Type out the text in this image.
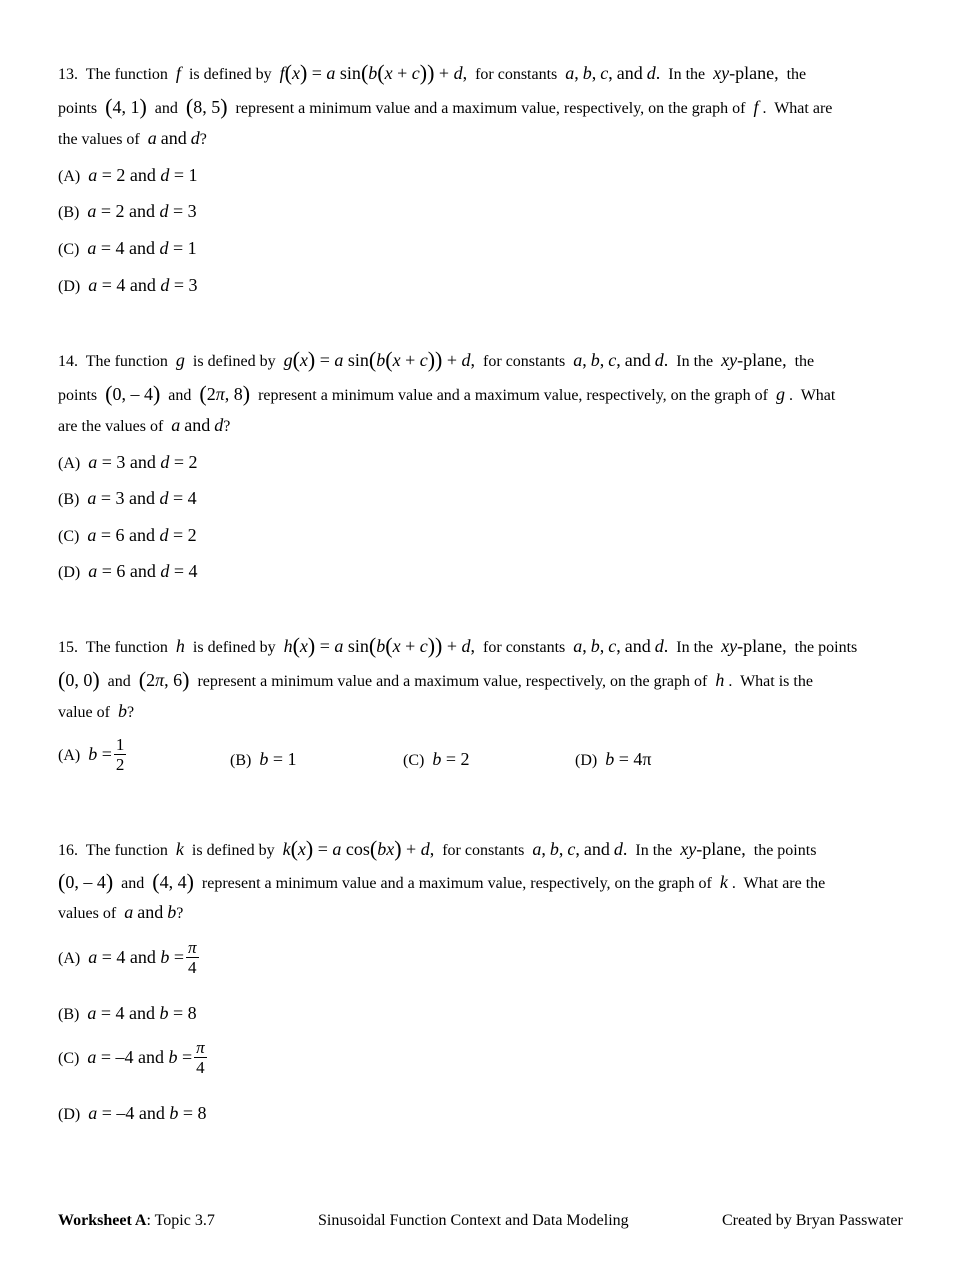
13. The function f is defined by f(x) = a sin(b(x + c)) + d, for constants a, b, c, and d. In the xy-plane, the
points (4, 1) and (8, 5) represent a minimum value and a maximum value, respectively, on the graph of f .  What are
the values of a and d?
(A) a = 2 and d = 1
(B) a = 2 and d = 3
(C) a = 4 and d = 1
(D) a = 4 and d = 3
14. The function g is defined by g(x) = a sin(b(x + c)) + d, for constants a, b, c, and d. In the xy-plane, the
points (0, – 4) and (2π, 8) represent a minimum value and a maximum value, respectively, on the graph of g .  What
are the values of a and d?
(A) a = 3 and d = 2
(B) a = 3 and d = 4
(C) a = 6 and d = 2
(D) a = 6 and d = 4
15. The function h is defined by h(x) = a sin(b(x + c)) + d, for constants a, b, c, and d. In the xy-plane, the points
(0, 0) and (2π, 6) represent a minimum value and a maximum value, respectively, on the graph of h .  What is the
value of b?
(A) $b = \frac{1}{2}$	(B) b = 1	(C) b = 2	(D) b = 4π
16. The function k is defined by k(x) = a cos(bx) + d, for constants a, b, c, and d. In the xy-plane, the points
(0, – 4) and (4, 4) represent a minimum value and a maximum value, respectively, on the graph of k .  What are the
values of a and b?
(A) a = 4 and $b = \frac{\pi}{4}$
(B) a = 4 and b = 8
(C) a = –4 and $b = \frac{\pi}{4}$
(D) a = –4 and b = 8
Worksheet A: Topic 3.7	Sinusoidal Function Context and Data Modeling	Created by Bryan Passwater
